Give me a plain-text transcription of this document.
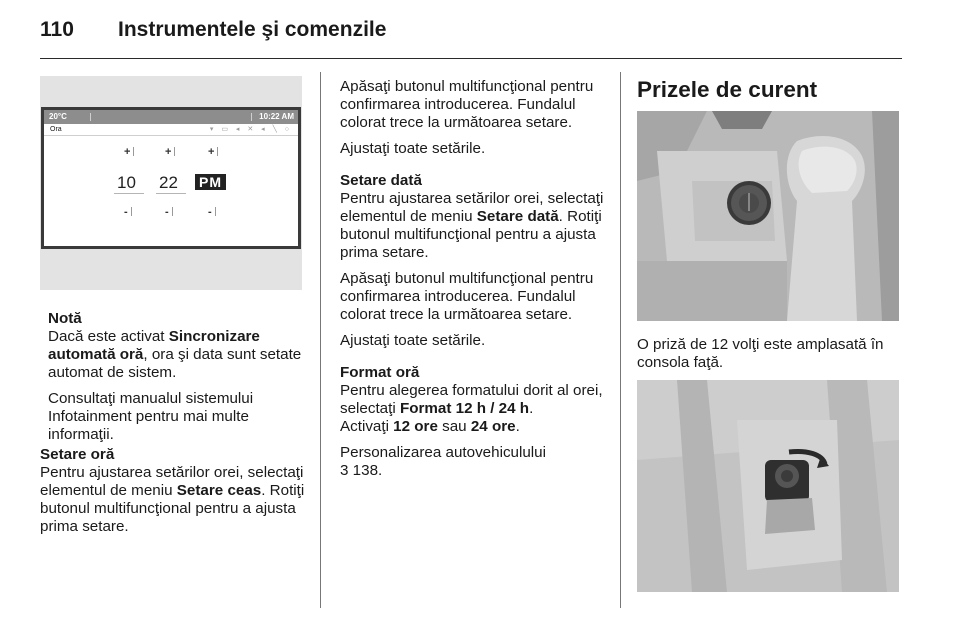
110 Instrumentele şi comenzile
20°C	10:22 AM
Ora	▾ ▭ ◂ ✕ ◂ ╲ ○
+	+	+
10 22 PM
-	-	-

Notă

Dacă este activat Sincronizare automată oră, ora şi data sunt setate automat de sistem.

Consultaţi manualul sistemului Infotainment pentru mai multe informaţii.

Setare oră

Pentru ajustarea setărilor orei, selectaţi elementul de meniu Setare ceas. Rotiţi butonul multifuncţional pentru a ajusta prima setare.

Apăsaţi butonul multifuncţional pentru confirmarea introducerea. Fundalul colorat trece la următoarea setare.

Ajustaţi toate setările.

Setare dată

Pentru ajustarea setărilor orei, selectaţi elementul de meniu Setare dată. Rotiţi butonul multifuncţional pentru a ajusta prima setare.

Apăsaţi butonul multifuncţional pentru confirmarea introducerea. Fundalul colorat trece la următoarea setare.

Ajustaţi toate setările.

Format oră

Pentru alegerea formatului dorit al orei, selectaţi Format 12 h / 24 h.
Activaţi 12 ore sau 24 ore.

Personalizarea autovehiculului
3 138.

Prizele de curent
O priză de 12 volţi este amplasată în consola faţă.
